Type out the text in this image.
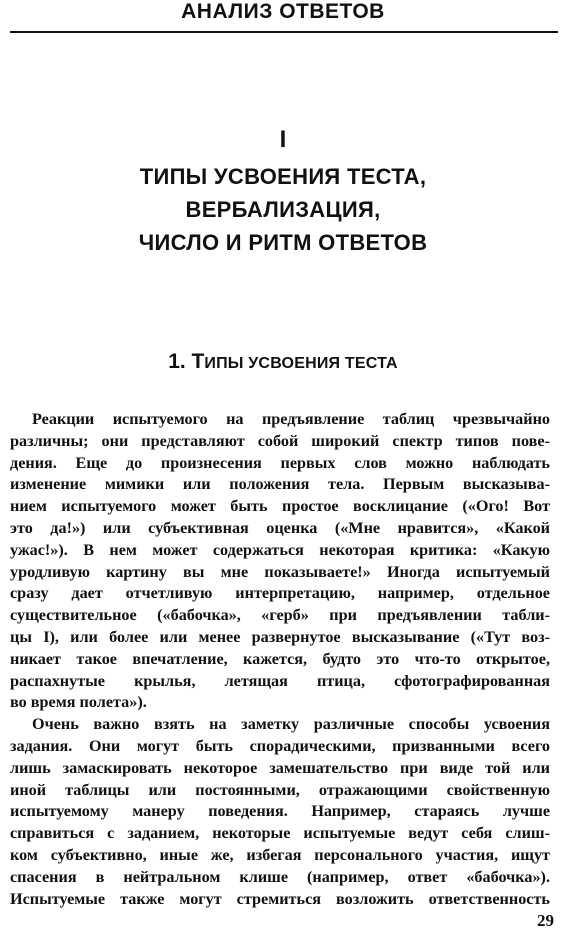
АНАЛИЗ ОТВЕТОВ
I
ТИПЫ УСВОЕНИЯ ТЕСТА,
ВЕРБАЛИЗАЦИЯ,
ЧИСЛО И РИТМ ОТВЕТОВ
1. ТИПЫ УСВОЕНИЯ ТЕСТА
Реакции испытуемого на предъявление таблиц чрезвычайно
различны; они представляют собой широкий спектр типов пове-
дения. Еще до произнесения первых слов можно наблюдать
изменение мимики или положения тела. Первым высказыва-
нием испытуемого может быть простое восклицание («Ого! Вот
это да!») или субъективная оценка («Мне нравится», «Какой
ужас!»). В нем может содержаться некоторая критика: «Какую
уродливую картину вы мне показываете!» Иногда испытуемый
сразу дает отчетливую интерпретацию, например, отдельное
существительное («бабочка», «герб» при предъявлении табли-
цы I), или более или менее развернутое высказывание («Тут воз-
никает такое впечатление, кажется, будто это что-то открытое,
распахнутые крылья, летящая птица, сфотографированная
во время полета»).
Очень важно взять на заметку различные способы усвоения
задания. Они могут быть спорадическими, призванными всего
лишь замаскировать некоторое замешательство при виде той или
иной таблицы или постоянными, отражающими свойственную
испытуемому манеру поведения. Например, стараясь лучше
справиться с заданием, некоторые испытуемые ведут себя слиш-
ком субъективно, иные же, избегая персонального участия, ищут
спасения в нейтральном клише (например, ответ «бабочка»).
Испытуемые также могут стремиться возложить ответственность
29
